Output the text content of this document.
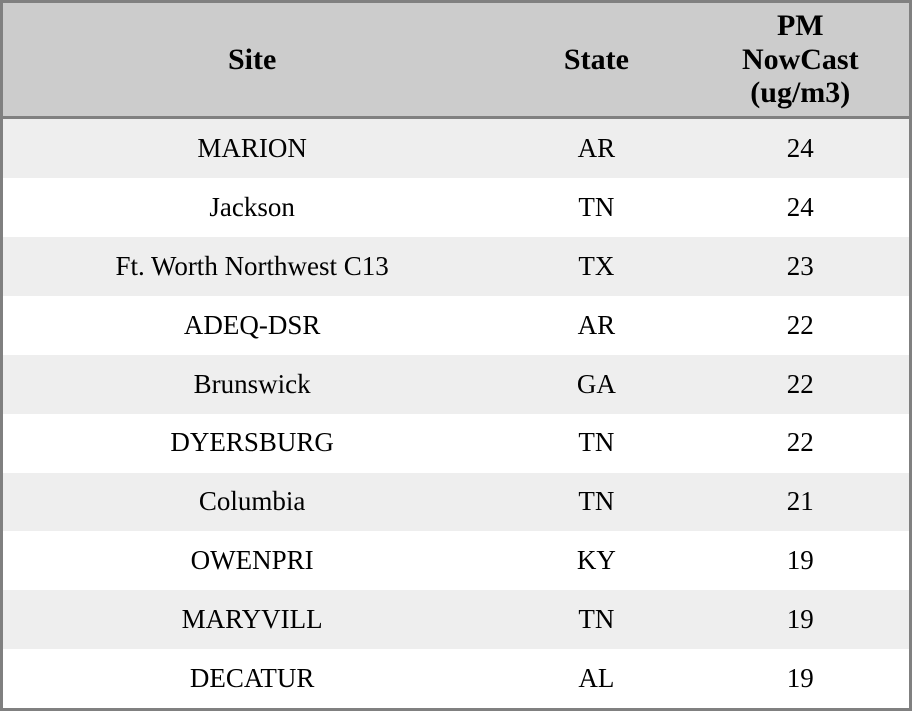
Site	State	PM
NowCast
(ug/m3)

MARION	AR	24
Jackson	TN	24
Ft. Worth Northwest C13	TX	23
ADEQ-DSR	AR	22
Brunswick	GA	22
DYERSBURG	TN	22
Columbia	TN	21
OWENPRI	KY	19
MARYVILL	TN	19
DECATUR	AL	19
